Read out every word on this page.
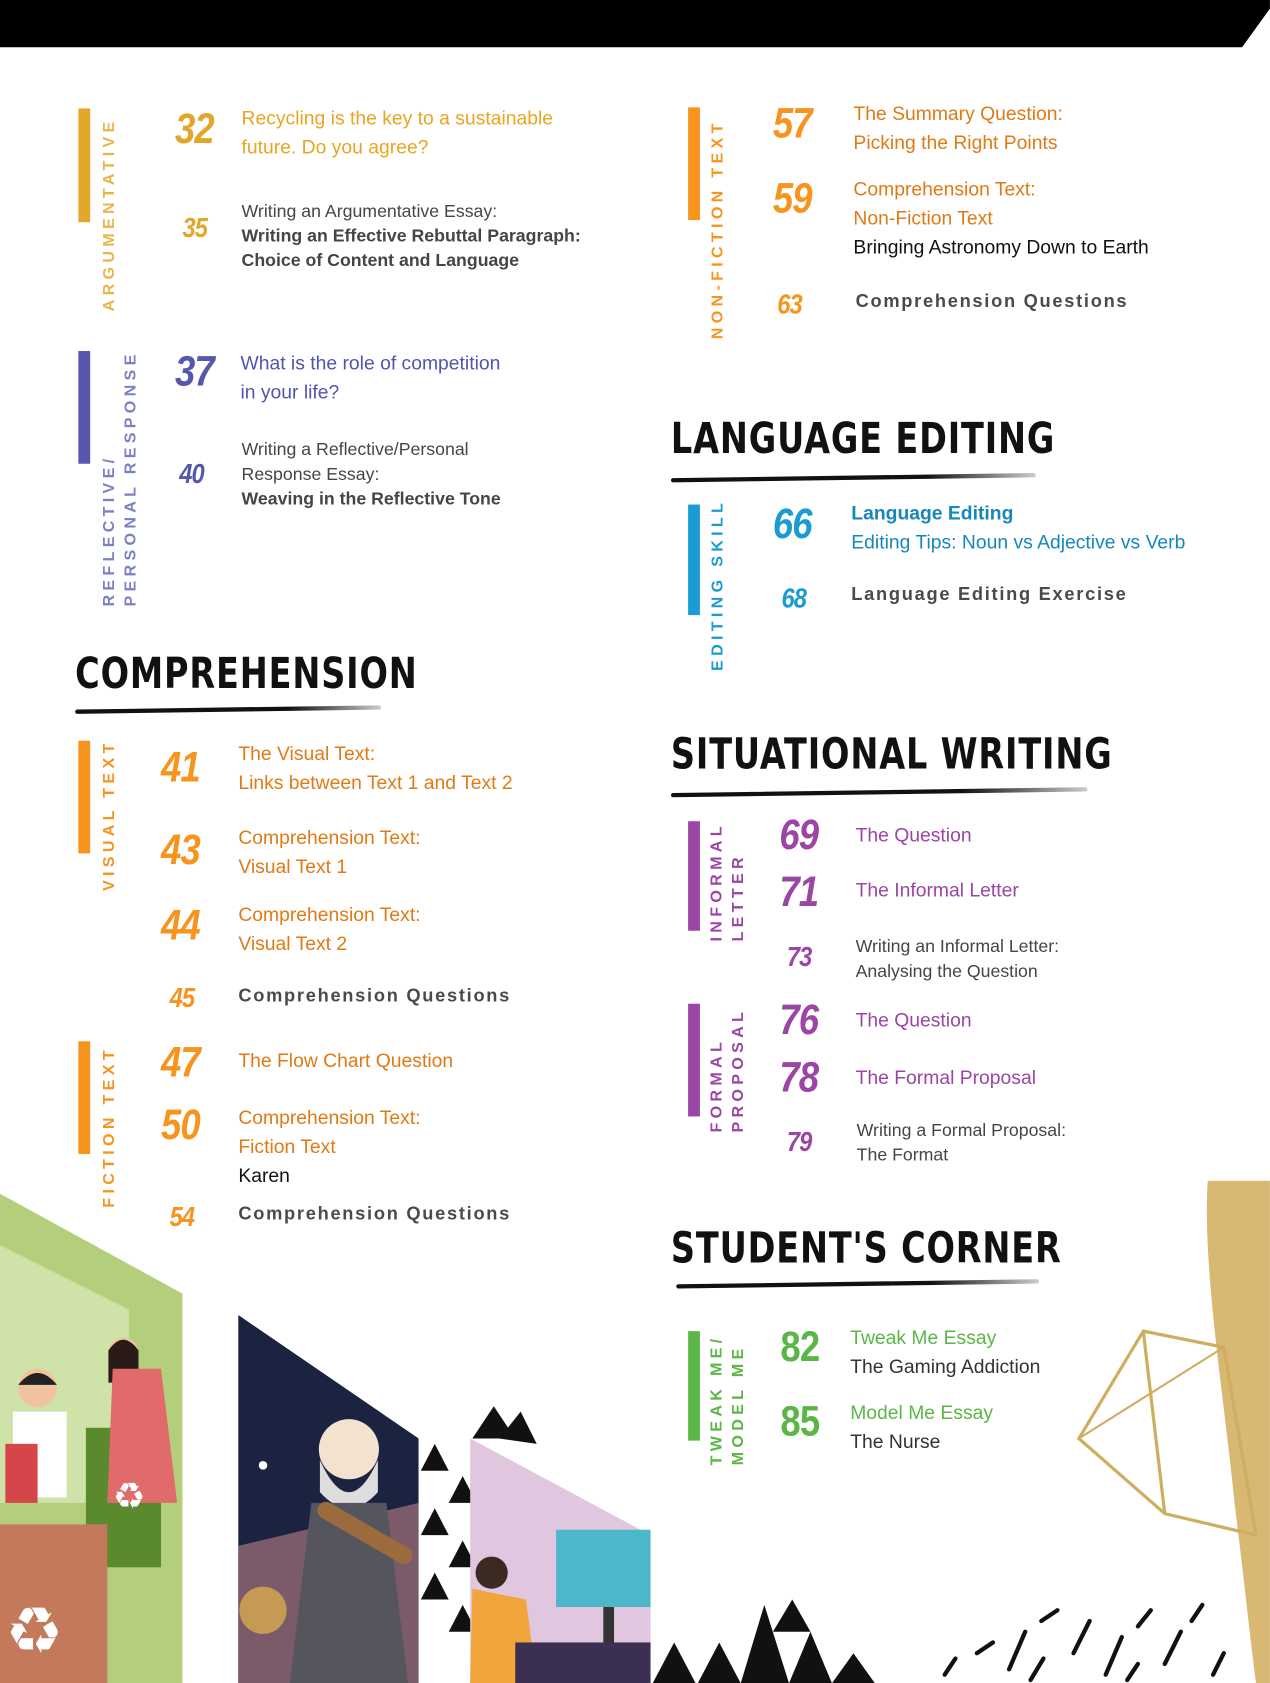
ARGUMENTATIVE 32 Recycling is the key to a sustainable
future. Do you agree?
35 Writing an Argumentative Essay:
Writing an Effective Rebuttal Paragraph:
Choice of Content and Language
REFLECTIVE/
PERSONAL RESPONSE 37 What is the role of competition
in your life?
40
Writing a Reflective/Personal
Response Essay:
Weaving in the Reflective Tone
COMPREHENSION
VISUAL TEXT 41 The Visual Text:
Links between Text 1 and Text 2
43 Comprehension Text:
Visual Text 1
44 Comprehension Text:
Visual Text 2
45	Comprehension Questions
FICTION TEXT 47 The Flow Chart Question
50 Comprehension Text:
Fiction Text
Karen
54	Comprehension Questions
NON-FICTION TEXT 57 The Summary Question:
Picking the Right Points
59 Comprehension Text:
Non-Fiction Text
Bringing Astronomy Down to Earth
63	Comprehension Questions
LANGUAGE EDITING
EDITING SKILL 66 Language Editing
Editing Tips: Noun vs Adjective vs Verb
68	Language Editing Exercise
SITUATIONAL WRITING
INFORMAL
LETTER
69 The Question
71 The Informal Letter
73	Writing an Informal Letter:
Analysing the Question
FORMAL
PROPOSAL 76 The Question
78 The Formal Proposal
79	Writing a Formal Proposal:
The Format
STUDENT'S CORNER
TWEAK ME/
MODEL ME 82 Tweak Me Essay
The Gaming Addiction
85 Model Me Essay
The Nurse
♻
♻
